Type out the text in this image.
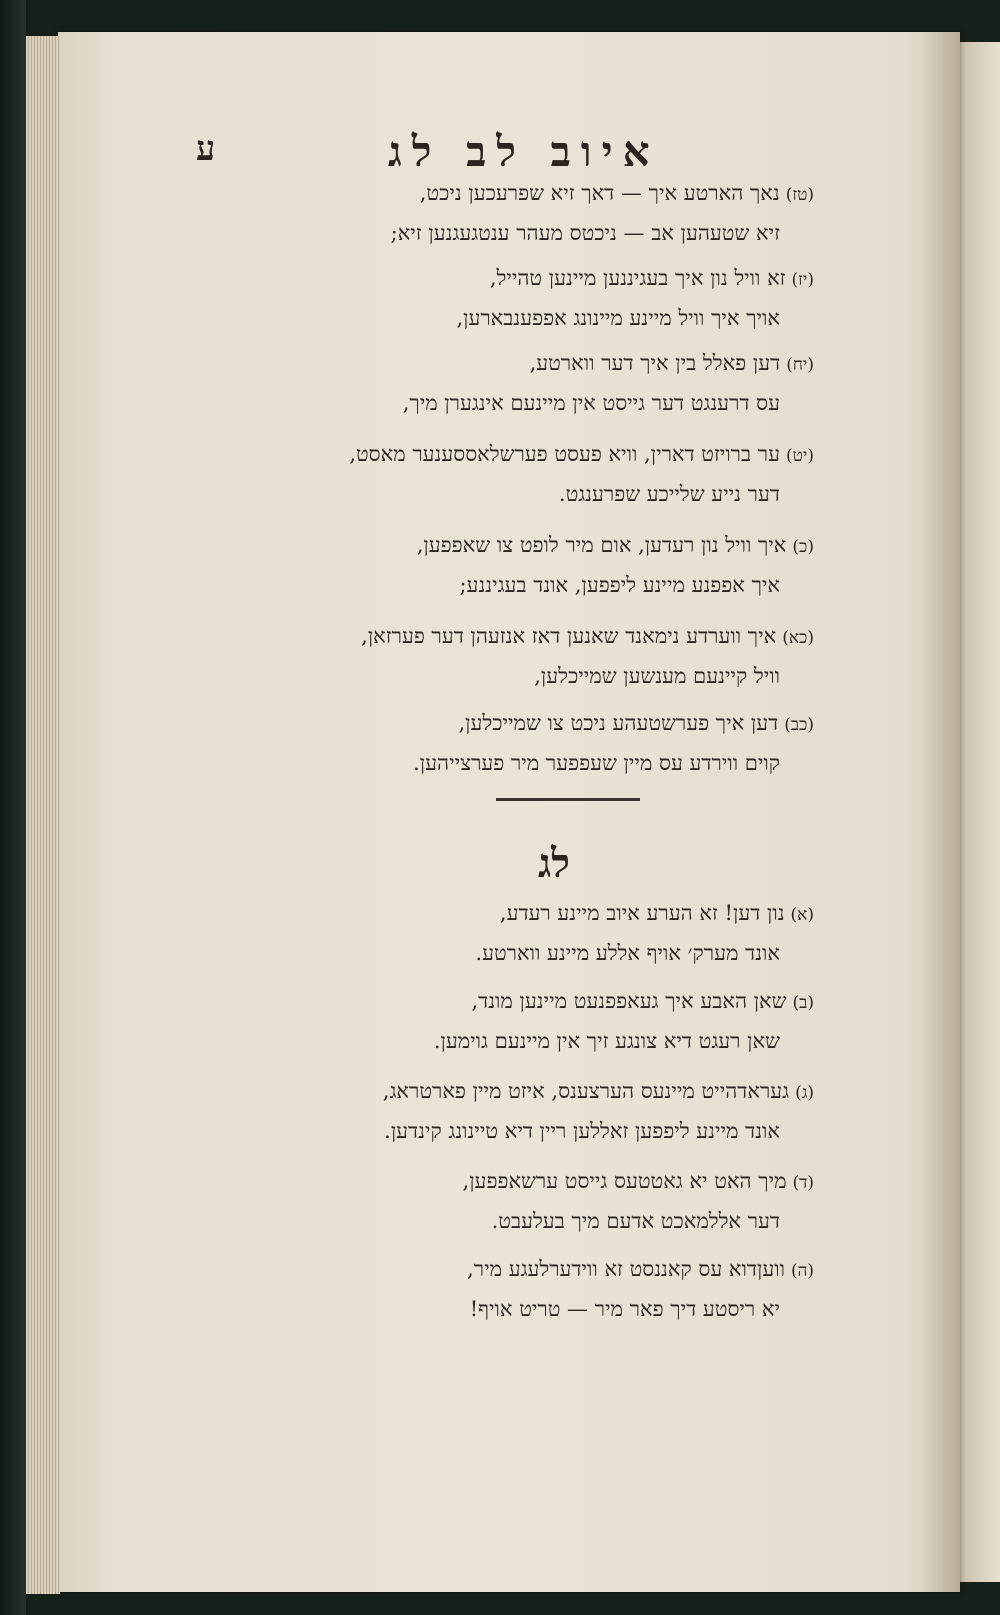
איוב לב לג
ע
(טז)נאך הארטע איך — דאך זיא שפרעכען ניכט,
זיא שטעהען אב — ניכטס מעהר ענטגעגנען זיא;
(יז)זא וויל נון איך בעגיננען מיינען טהייל,
אויך איך וויל מיינע מיינונג אפפענבארען,
(יח)דען פאלל בין איך דער ווארטע,
עס דרענגט דער גייסט אין מיינעם אינגערן מיך,
(יט)ער ברויזט דארין, וויא פעסט פערשלאססענער מאסט,
דער נייע שלייכע שפרענגט.
(כ)איך וויל נון רעדען, אום מיר לופט צו שאפפען,
איך אפפנע מיינע ליפפען, אונד בעגיננע;
(כא)איך ווערדע נימאנד שאנען דאז אנזעהן דער פערזאן,
וויל קיינעם מענשען שמייכלען,
(כב)דען איך פערשטעהע ניכט צו שמייכלען,
קוים ווירדע עס מיין שעפפער מיר פערצייהען.
לג
(א)נון דען! זא הערע איוב מיינע רעדע,
אונד מערק׳ אויף אללע מיינע ווארטע.
(ב)שאן האבע איך געאפפנעט מיינען מונד,
שאן רעגט דיא צונגע זיך אין מיינעם גוימען.
(ג)געראדהייט מיינעס הערצענס, איזט מיין פארטראג,
אונד מיינע ליפפען זאללען ריין דיא טיינונג קינדען.
(ד)מיך האט יא גאטטעס גייסט ערשאפפען,
דער אללמאכט אדעם מיך בעלעבט.
(ה)וועןדוא עס קאננסט זא ווידערלעגע מיר,
יא ריסטע דיך פאר מיר — טריט אויף!
